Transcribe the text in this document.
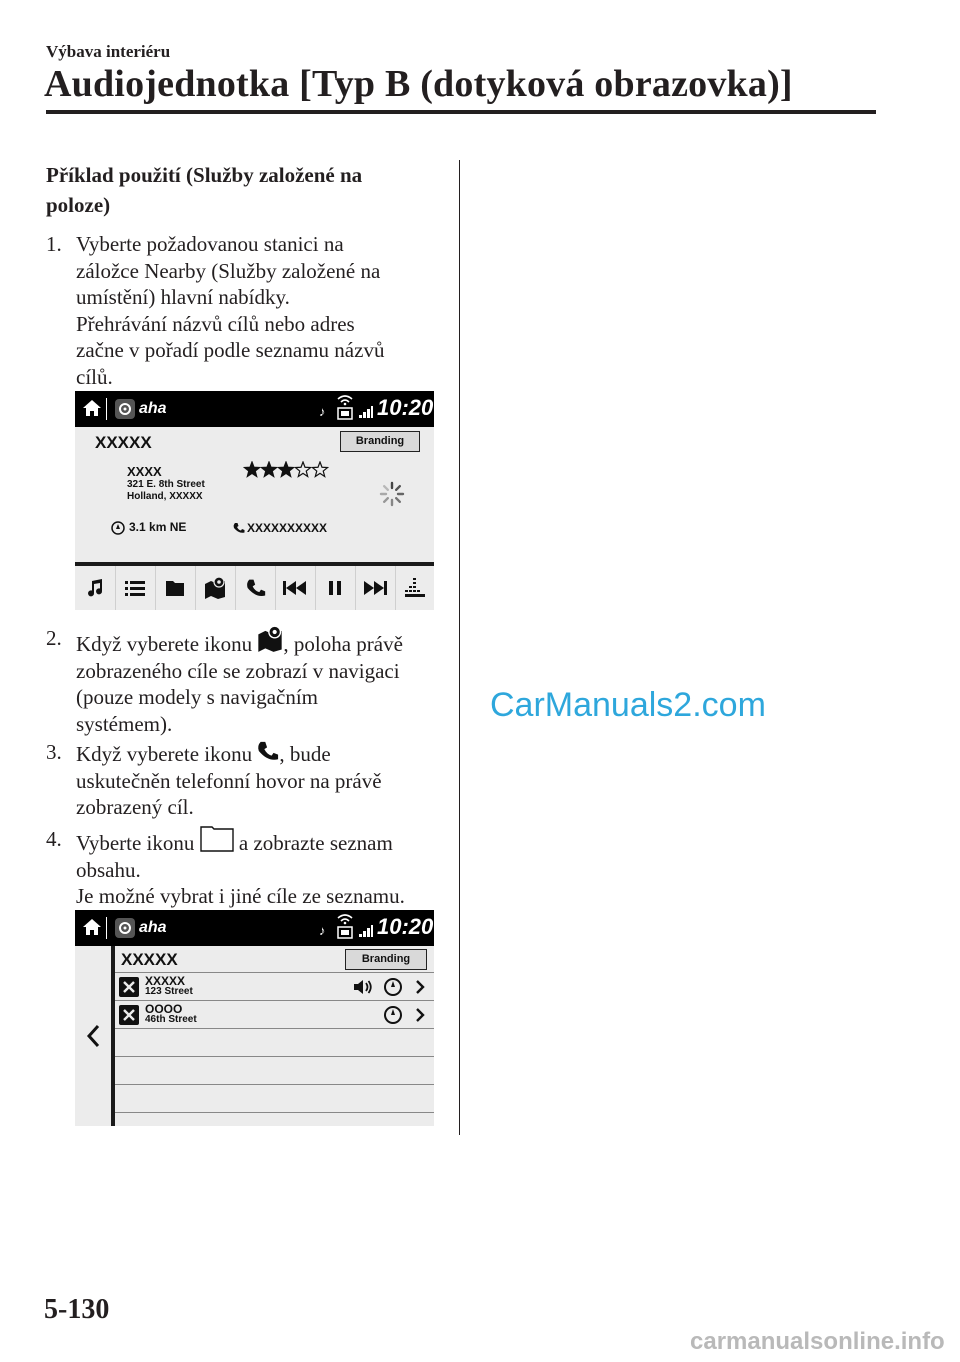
Výbava interiéru
Audiojednotka [Typ B (dotyková obrazovka)]
Příklad použití (Služby založené na
poloze)
1. Vyberte požadovanou stanici na
záložce Nearby (Služby založené na
umístění) hlavní nabídky.
Přehrávání názvů cílů nebo adres
začne v pořadí podle seznamu názvů
cílů.
aha	♪ 10:20
XXXXX	Branding
XXXX
321 E. 8th Street
Holland, XXXXX
3.1 km NE	XXXXXXXXXX
2. Když vyberete ikonu , poloha právě
zobrazeného cíle se zobrazí v navigaci
(pouze modely s navigačním
systémem).
3. Když vyberete ikonu , bude
uskutečněn telefonní hovor na právě
zobrazený cíl.
4. Vyberte ikonu  a zobrazte seznam
obsahu.
Je možné vybrat i jiné cíle ze seznamu.
aha	♪ 10:20
XXXXX	Branding
XXXXX
123 Street
OOOO
46th Street
CarManuals2.com
5-130
carmanualsonline.info
